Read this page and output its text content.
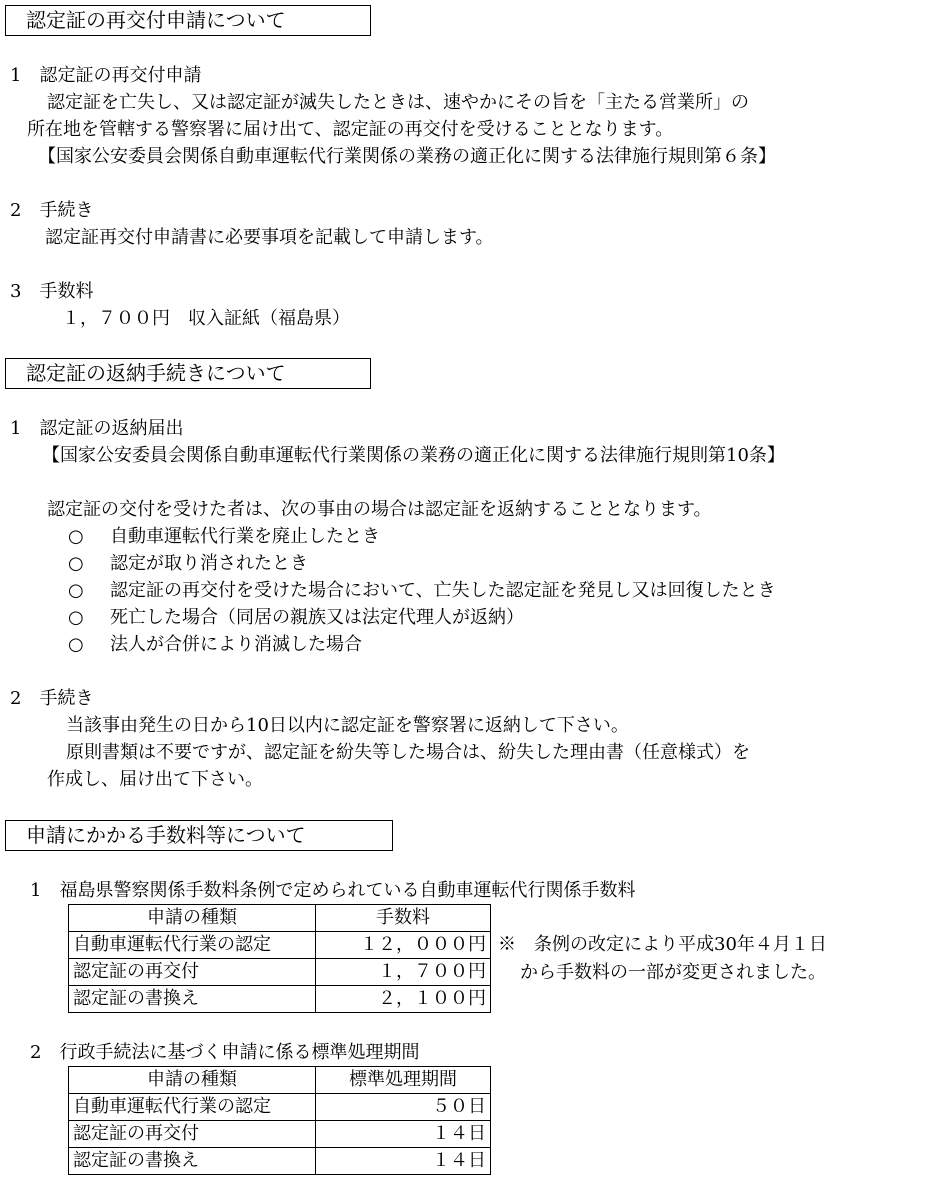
認定証の再交付申請について
1　認定証の再交付申請
認定証を亡失し、又は認定証が滅失したときは、速やかにその旨を「主たる営業所」の
所在地を管轄する警察署に届け出て、認定証の再交付を受けることとなります。
【国家公安委員会関係自動車運転代行業関係の業務の適正化に関する法律施行規則第６条】
2　手続き
認定証再交付申請書に必要事項を記載して申請します。
3　手数料
１，７００円　収入証紙（福島県）
認定証の返納手続きについて
1　認定証の返納届出
【国家公安委員会関係自動車運転代行業関係の業務の適正化に関する法律施行規則第10条】
認定証の交付を受けた者は、次の事由の場合は認定証を返納することとなります。
○ 自動車運転代行業を廃止したとき
○ 認定が取り消されたとき
○ 認定証の再交付を受けた場合において、亡失した認定証を発見し又は回復したとき
○ 死亡した場合（同居の親族又は法定代理人が返納）
○ 法人が合併により消滅した場合
2　手続き
当該事由発生の日から10日以内に認定証を警察署に返納して下さい。
原則書類は不要ですが、認定証を紛失等した場合は、紛失した理由書（任意様式）を
作成し、届け出て下さい。
申請にかかる手数料等について
1　福島県警察関係手数料条例で定められている自動車運転代行関係手数料
申請の種類	手数料
自動車運転代行業の認定	１２，０００円
認定証の再交付	１，７００円
認定証の書換え	２，１００円
※　条例の改定により平成30年４月１日
から手数料の一部が変更されました。
2　行政手続法に基づく申請に係る標準処理期間
申請の種類	標準処理期間
自動車運転代行業の認定	５０日
認定証の再交付	１４日
認定証の書換え	１４日
